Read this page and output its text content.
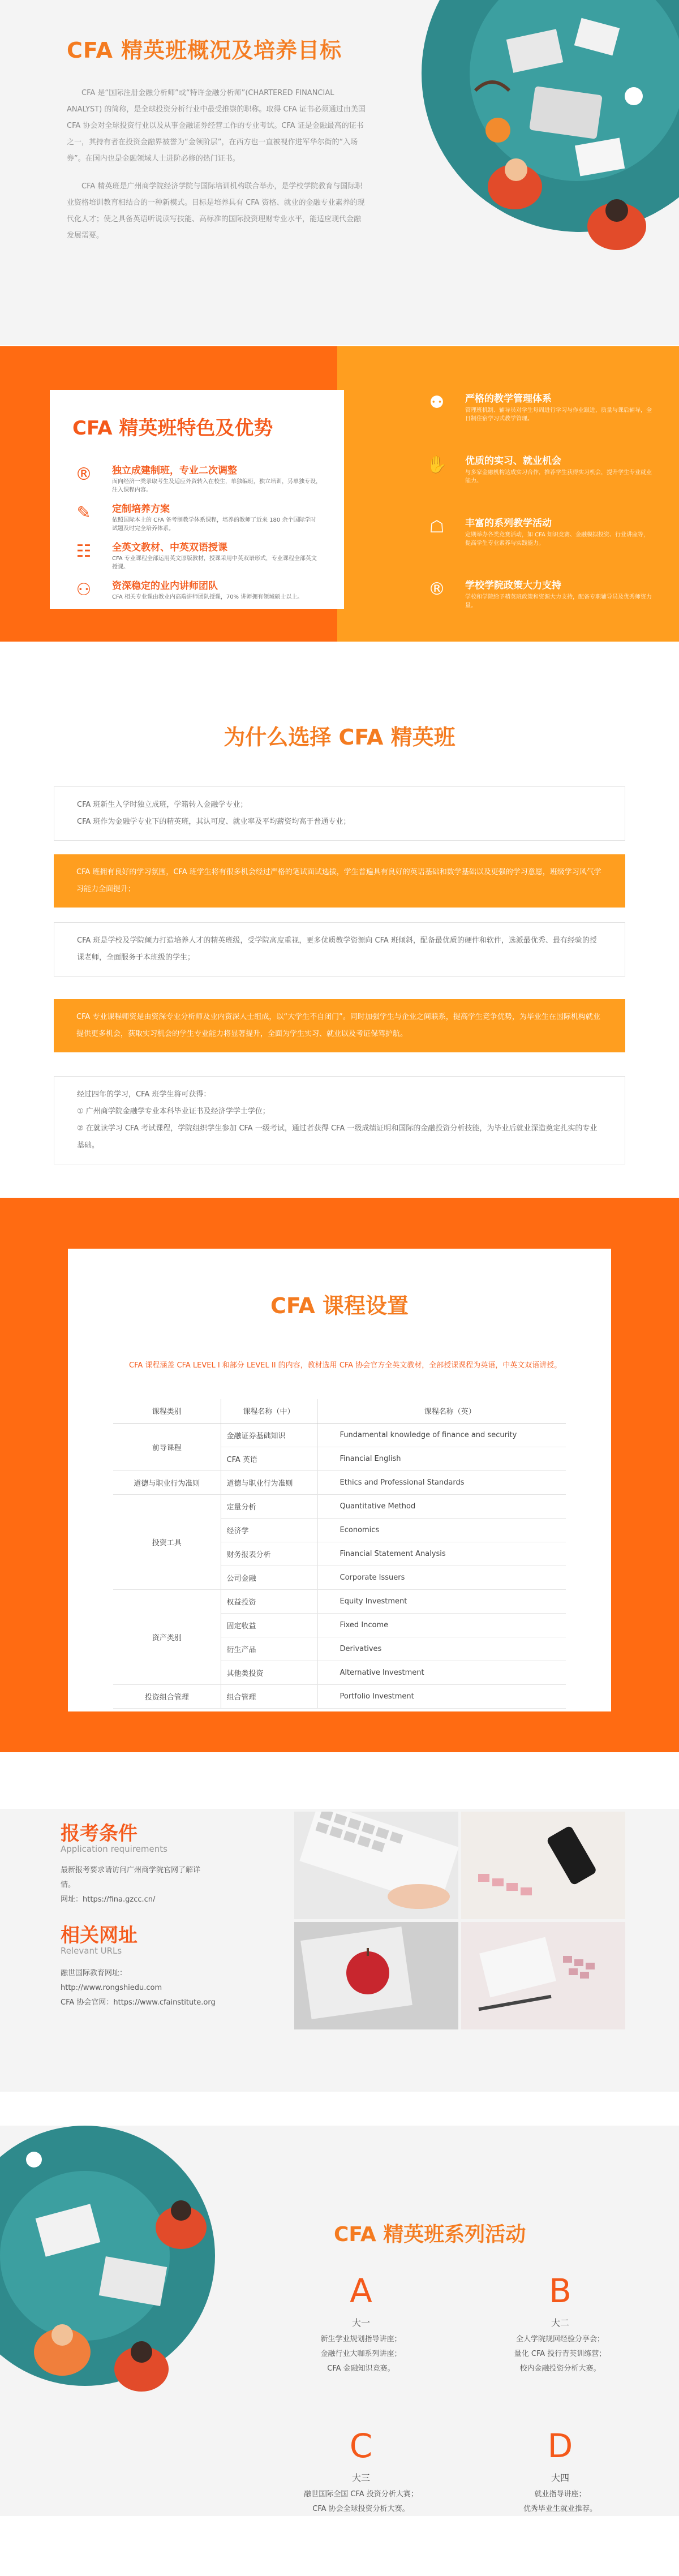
CFA 精英班概况及培养目标

CFA 是“国际注册金融分析师”或“特许金融分析师”(CHARTERED FINANCIAL ANALYST) 的简称，是全球投资分析行业中最受推崇的职称。取得 CFA 证书必须通过由美国 CFA 协会对全球投资行业以及从事金融证券经营工作的专业考试。CFA 证是金融最高的证书之一，其持有者在投资金融界被誉为“金领阶层”，在西方也一直被视作进军华尔街的“入场券”。在国内也是金融领域人士进阶必修的热门证书。

CFA 精英班是广州商学院经济学院与国际培训机构联合举办，是学校学院教育与国际职业资格培训教育相结合的一种新模式。目标是培养具有 CFA 资格、就业的金融专业素养的现代化人才；使之具备英语听说读写技能、高标准的国际投资理财专业水平，能适应现代金融发展需要。

CFA 精英班特色及优势
® 独立成建制班，专业二次调整
面向经济一类录取考生及适应外资转入在校生，单独编班，独立培训，另单独专设，注入课程内容。
✎	定制培养方案
依照国际本土的 CFA 备考制教学体系课程，培养的教师了近来 180 余个国际学时试题及时完全培养体系。
☷	全英文教材、中英双语授课
CFA 专业课程全部运用英文原版教材，授课采用中英双语形式，专业课程全部英文授课。
⚇	资深稳定的业内讲师团队
CFA 相关专业课由教业内高端讲师团队授课，70% 讲师拥有领域硕士以上。
⚉	严格的教学管理体系
管理班机制、辅导员对学生每周进行学习与作业跟进，质量与课后辅导，全日制住宿学习式教学管理。
✋ 优质的实习、就业机会
与多家金融机构达成实习合作，推荐学生获得实习机会，提升学生专业就业能力。
☖	丰富的系列教学活动
定期举办各类竞赛活动，如 CFA 知识竞赛、金融模拟投资、行业讲座等，提高学生专业素养与实践能力。
®	学校学院政策大力支持
学校和学院给予精英班政策和资源大力支持，配备专职辅导员及优秀师资力量。
为什么选择 CFA 精英班

CFA 班新生入学时独立成班，学籍转入金融学专业；

CFA 班作为金融学专业下的精英班，其认可度、就业率及平均薪资均高于普通专业；

CFA 班拥有良好的学习氛围，CFA 班学生将有很多机会经过严格的笔试面试选拔，学生普遍具有良好的英语基础和数学基础以及更强的学习意愿，班级学习风气学习能力全面提升；

CFA 班是学校及学院倾力打造培养人才的精英班级，受学院高度重视，更多优质教学资源向 CFA 班倾斜，配备最优质的硬件和软件，选派最优秀、最有经验的授课老师，全面服务于本班级的学生；

CFA 专业课程师资是由资深专业分析师及业内资深人士组成，以“大学生不自闭门”。同时加强学生与企业之间联系，提高学生竞争优势，为毕业生在国际机构就业提供更多机会，获取实习机会的学生专业能力将显著提升，全面为学生实习、就业以及考证保驾护航。

经过四年的学习，CFA 班学生将可获得：

① 广州商学院金融学专业本科毕业证书及经济学学士学位；

② 在就读学习 CFA 考试课程，学院组织学生参加 CFA 一级考试，通过者获得 CFA 一级成绩证明和国际的金融投资分析技能，为毕业后就业深造奠定扎实的专业基础。

CFA 课程设置

CFA 课程涵盖 CFA LEVEL I 和部分 LEVEL II 的内容，教材选用 CFA 协会官方全英文教材，全部授课课程为英语，中英文双语讲授。

课程类别	课程名称（中）	课程名称（英）
前导课程	金融证券基础知识	Fundamental knowledge of finance and security
	CFA 英语	Financial English
道德与职业行为准则	道德与职业行为准则	Ethics and Professional Standards
投资工具	定量分析	Quantitative Method
	经济学	Economics
	财务报表分析	Financial Statement Analysis
	公司金融	Corporate Issuers
资产类别	权益投资	Equity Investment
	固定收益	Fixed Income
	衍生产品	Derivatives
	其他类投资	Alternative Investment
投资组合管理	组合管理	Portfolio Investment
报考条件
Application requirements

最新报考要求请访问广州商学院官网了解详情。

网址：https://fina.gzcc.cn/

相关网址
Relevant URLs

融世国际教育网址：

http://www.rongshiedu.com

CFA 协会官网：https://www.cfainstitute.org

CFA 精英班系列活动
A
大一
新生学业规划指导讲座；
金融行业大咖系列讲座；
CFA 金融知识竞赛。
B
大二
全人学院规回经验分享会；
量化 CFA 投行青英训练营；
校内金融投资分析大赛。
C
大三
融世国际全国 CFA 投资分析大赛；
CFA 协会全球投资分析大赛。
D
大四
就业指导讲座；
优秀毕业生就业推荐。
